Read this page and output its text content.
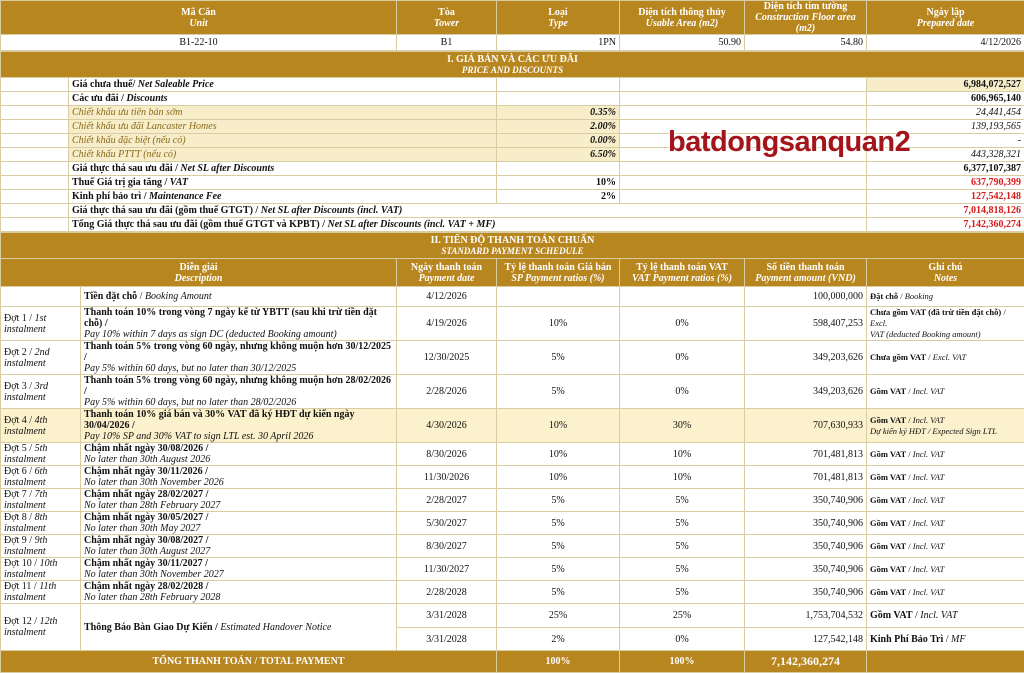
Mã Căn
Unit	Tòa
Tower	Loại
Type	Diện tích thông thủy
Usable Area (m2)	Diện tích tim tường
Construction Floor area (m2)	Ngày lập
Prepared date
B1-22-10	B1	1PN	50.90	54.80	4/12/2026
I. GIÁ BÁN VÀ CÁC ƯU ĐÃI
PRICE AND DISCOUNTS				
	Giá chưa thuế/ Net Saleable Price			6,984,072,527
	Các ưu đãi / Discounts			606,965,140
	Chiết khấu ưu tiên bán sớm	0.35%		24,441,454
	Chiết khấu ưu đãi Lancaster Homes	2.00%		139,193,565
	Chiết khấu đặc biệt (nếu có)	0.00%		-
	Chiết khấu PTTT (nếu có)	6.50%		443,328,321
	Giá thực thá sau ưu đãi / Net SL after Discounts			6,377,107,387
	Thuế Giá trị gia tăng / VAT	10%		637,790,399
	Kinh phí bảo trì / Maintenance Fee	2%		127,542,148
	Giá thực thá sau ưu đãi (gồm thuế GTGT) / Net SL after Discounts (incl. VAT)			7,014,818,126
	Tổng Giá thực thá sau ưu đãi (gồm thuế GTGT và KPBT) / Net SL after Discounts (incl. VAT + MF)			7,142,360,274
II. TIẾN ĐỘ THANH TOÁN CHUẨN
STANDARD PAYMENT SCHEDULE						
Diễn giải
Description		Ngày thanh toán
Payment date	Tỷ lệ thanh toán Giá bán
SP Payment ratios (%)	Tỷ lệ thanh toán VAT
VAT Payment ratios (%)	Số tiền thanh toán
Payment amount (VND)	Ghi chú
Notes
	Tiền đặt chỗ / Booking Amount	4/12/2026			100,000,000	Đặt chỗ / Booking
Đợt 1 / 1st
instalment	Thanh toán 10% trong vòng 7 ngày kể từ YBTT (sau khi trừ tiền đặt chỗ) /
Pay 10% within 7 days as sign DC (deducted Booking amount)	4/19/2026	10%	0%	598,407,253	Chưa gồm VAT (đã trừ tiền đặt chỗ) / Excl.
VAT (deducted Booking amount)
Đợt 2 / 2nd
instalment	Thanh toán 5% trong vòng 60 ngày, nhưng không muộn hơn 30/12/2025 /
Pay 5% within 60 days, but no later than 30/12/2025	12/30/2025	5%	0%	349,203,626	Chưa gồm VAT / Excl. VAT
Đợt 3 / 3rd
instalment	Thanh toán 5% trong vòng 60 ngày, nhưng không muộn hơn 28/02/2026 /
Pay 5% within 60 days, but no later than 28/02/2026	2/28/2026	5%	0%	349,203,626	Gồm VAT / Incl. VAT
Đợt 4 / 4th
instalment	Thanh toán 10% giá bán và 30% VAT đã ký HĐT dự kiến ngày 30/04/2026 /
Pay 10% SP and 30% VAT to sign LTL est. 30 April 2026	4/30/2026	10%	30%	707,630,933	Gồm VAT / Incl. VAT
Dự kiến ký HĐT / Expected Sign LTL
Đợt 5 / 5th
instalment	Chậm nhất ngày 30/08/2026 /
No later than 30th August 2026	8/30/2026	10%	10%	701,481,813	Gồm VAT / Incl. VAT
Đợt 6 / 6th
instalment	Chậm nhất ngày 30/11/2026 /
No later than 30th November 2026	11/30/2026	10%	10%	701,481,813	Gồm VAT / Incl. VAT
Đợt 7 / 7th
instalment	Chậm nhất ngày 28/02/2027 /
No later than 28th February 2027	2/28/2027	5%	5%	350,740,906	Gồm VAT / Incl. VAT
Đợt 8 / 8th
instalment	Chậm nhất ngày 30/05/2027 /
No later than 30th May 2027	5/30/2027	5%	5%	350,740,906	Gồm VAT / Incl. VAT
Đợt 9 / 9th
instalment	Chậm nhất ngày 30/08/2027 /
No later than 30th August 2027	8/30/2027	5%	5%	350,740,906	Gồm VAT / Incl. VAT
Đợt 10 / 10th
instalment	Chậm nhất ngày 30/11/2027 /
No later than 30th November 2027	11/30/2027	5%	5%	350,740,906	Gồm VAT / Incl. VAT
Đợt 11 / 11th
instalment	Chậm nhất ngày 28/02/2028 /
No later than 28th February 2028	2/28/2028	5%	5%	350,740,906	Gồm VAT / Incl. VAT
Đợt 12 / 12th
instalment	Thông Báo Bàn Giao Dự Kiến / Estimated Handover Notice	3/31/2028	25%	25%	1,753,704,532	Gồm VAT / Incl. VAT
		3/31/2028	2%	0%	127,542,148	Kinh Phí Bảo Trì / MF
TỔNG THANH TOÁN / TOTAL PAYMENT			100%	100%	7,142,360,274	
batdongsanquan2
